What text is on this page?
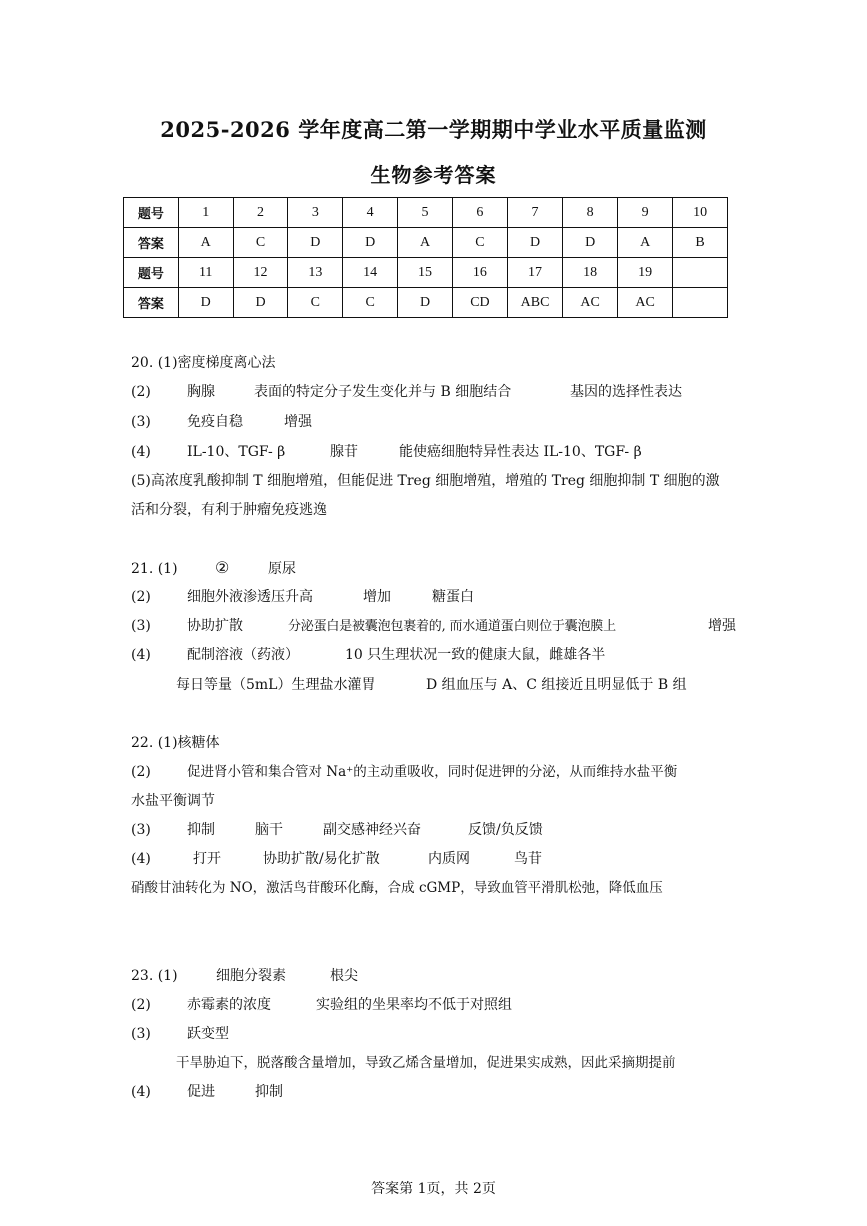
2025-2026 学年度高二第一学期期中学业水平质量监测
生物参考答案
题号	1	2	3	4	5	6	7	8	9	10
答案	A	C	D	D	A	C	D	D	A	B
题号	11	12	13	14	15	16	17	18	19	
答案	D	D	C	C	D	CD	ABC	AC	AC	
20. (1)密度梯度离心法
(2)	胸腺	表面的特定分子发生变化并与 B 细胞结合	基因的选择性表达
(3)	免疫自稳	增强
(4)	IL-10、TGF- β	腺苷	能使癌细胞特异性表达 IL-10、TGF- β
(5)高浓度乳酸抑制 T 细胞增殖，但能促进 Treg 细胞增殖，增殖的 Treg 细胞抑制 T 细胞的激
活和分裂，有利于肿瘤免疫逃逸
21. (1) ②	原尿
(2)	细胞外液渗透压升高	增加	糖蛋白
(3)	协助扩散	分泌蛋白是被囊泡包裹着的, 而水通道蛋白则位于囊泡膜上	增强
(4)	配制溶液（药液）	10 只生理状况一致的健康大鼠，雌雄各半
每日等量（5mL）生理盐水灌胃	D 组血压与 A、C 组接近且明显低于 B 组
22. (1)核糖体
(2)	促进肾小管和集合管对 Na⁺的主动重吸收，同时促进钾的分泌，从而维持水盐平衡
水盐平衡调节
(3)	抑制	脑干	副交感神经兴奋	反馈/负反馈
(4)	打开	协助扩散/易化扩散	内质网	鸟苷
硝酸甘油转化为 NO，激活鸟苷酸环化酶，合成 cGMP，导致血管平滑肌松弛，降低血压
23. (1)	细胞分裂素	根尖
(2)	赤霉素的浓度	实验组的坐果率均不低于对照组
(3)	跃变型
干旱胁迫下，脱落酸含量增加，导致乙烯含量增加，促进果实成熟，因此采摘期提前
(4)	促进	抑制
答案第 1页，共 2页
